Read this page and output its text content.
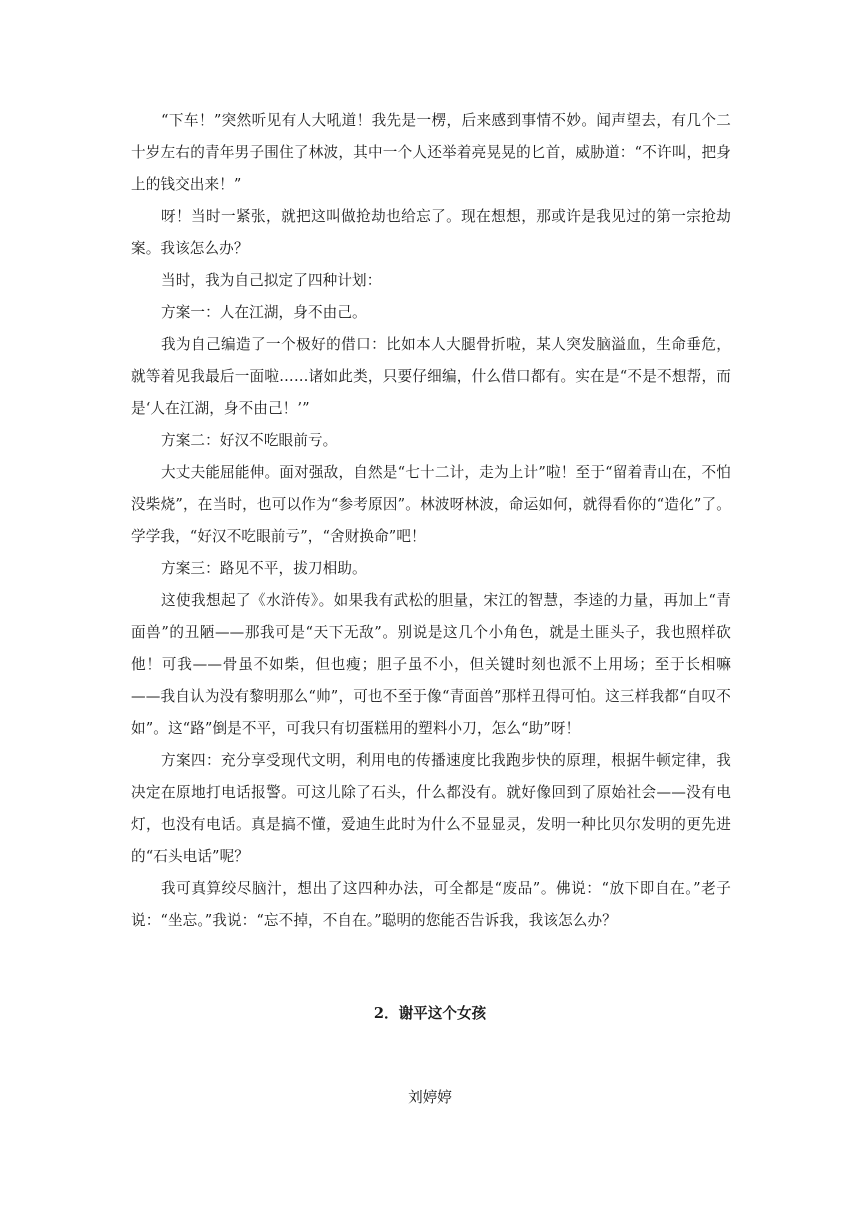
“下车！”突然听见有人大吼道！我先是一楞，后来感到事情不妙。闻声望去，有几个二十岁左右的青年男子围住了林波，其中一个人还举着亮晃晃的匕首，威胁道：“不许叫，把身上的钱交出来！”

呀！当时一紧张，就把这叫做抢劫也给忘了。现在想想，那或许是我见过的第一宗抢劫案。我该怎么办？

当时，我为自己拟定了四种计划：

方案一：人在江湖，身不由己。

我为自己编造了一个极好的借口：比如本人大腿骨折啦，某人突发脑溢血，生命垂危，就等着见我最后一面啦……诸如此类，只要仔细编，什么借口都有。实在是“不是不想帮，而是‘人在江湖，身不由己！’”

方案二：好汉不吃眼前亏。

大丈夫能屈能伸。面对强敌，自然是“七十二计，走为上计”啦！至于“留着青山在，不怕没柴烧”，在当时，也可以作为“参考原因”。林波呀林波，命运如何，就得看你的“造化”了。学学我，“好汉不吃眼前亏”，“舍财换命”吧！

方案三：路见不平，拔刀相助。

这使我想起了《水浒传》。如果我有武松的胆量，宋江的智慧，李逵的力量，再加上“青面兽”的丑陋——那我可是“天下无敌”。别说是这几个小角色，就是土匪头子，我也照样砍他！可我——骨虽不如柴，但也瘦；胆子虽不小，但关键时刻也派不上用场；至于长相嘛——我自认为没有黎明那么“帅”，可也不至于像“青面兽”那样丑得可怕。这三样我都“自叹不如”。这“路”倒是不平，可我只有切蛋糕用的塑料小刀，怎么“助”呀！

方案四：充分享受现代文明，利用电的传播速度比我跑步快的原理，根据牛顿定律，我决定在原地打电话报警。可这儿除了石头，什么都没有。就好像回到了原始社会——没有电灯，也没有电话。真是搞不懂，爱迪生此时为什么不显显灵，发明一种比贝尔发明的更先进的“石头电话”呢？

我可真算绞尽脑汁，想出了这四种办法，可全都是“废品”。佛说：“放下即自在。”老子说：“坐忘。”我说：“忘不掉，不自在。”聪明的您能否告诉我，我该怎么办？

2．谢平这个女孩

刘婷婷
